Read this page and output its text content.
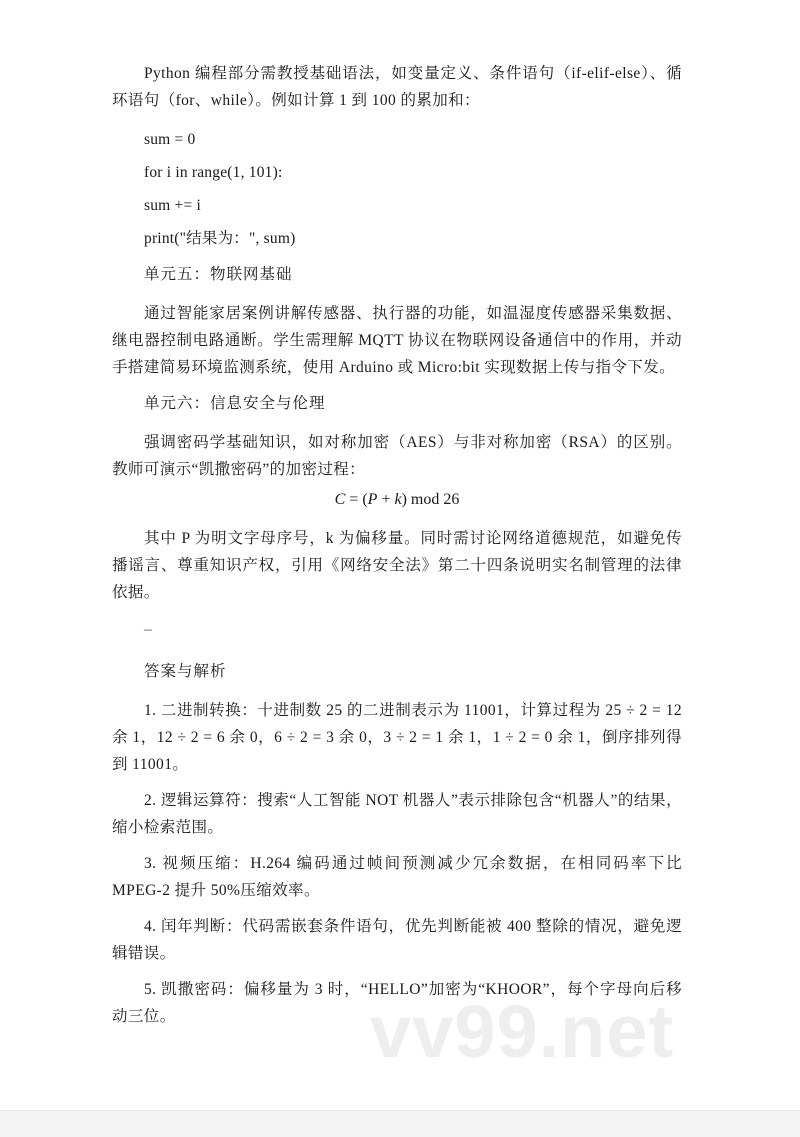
Python 编程部分需教授基础语法，如变量定义、条件语句（if-elif-else）、循环语句（for、while）。例如计算 1 到 100 的累加和：

sum = 0

for i in range(1, 101):

sum += i

print("结果为：", sum)

单元五：物联网基础

通过智能家居案例讲解传感器、执行器的功能，如温湿度传感器采集数据、继电器控制电路通断。学生需理解 MQTT 协议在物联网设备通信中的作用，并动手搭建简易环境监测系统，使用 Arduino 或 Micro:bit 实现数据上传与指令下发。

单元六：信息安全与伦理

强调密码学基础知识，如对称加密（AES）与非对称加密（RSA）的区别。教师可演示“凯撒密码”的加密过程：

C = (P + k) mod 26

其中 P 为明文字母序号，k 为偏移量。同时需讨论网络道德规范，如避免传播谣言、尊重知识产权，引用《网络安全法》第二十四条说明实名制管理的法律依据。

–

答案与解析

1. 二进制转换：十进制数 25 的二进制表示为 11001，计算过程为 25 ÷ 2 = 12 余 1，12 ÷ 2 = 6 余 0，6 ÷ 2 = 3 余 0，3 ÷ 2 = 1 余 1，1 ÷ 2 = 0 余 1，倒序排列得到 11001。

2. 逻辑运算符：搜索“人工智能 NOT 机器人”表示排除包含“机器人”的结果，缩小检索范围。

3. 视频压缩：H.264 编码通过帧间预测减少冗余数据，在相同码率下比 MPEG-2 提升 50%压缩效率。

4. 闰年判断：代码需嵌套条件语句，优先判断能被 400 整除的情况，避免逻辑错误。

5. 凯撒密码：偏移量为 3 时，“HELLO”加密为“KHOOR”，每个字母向后移动三位。	vv99.net
